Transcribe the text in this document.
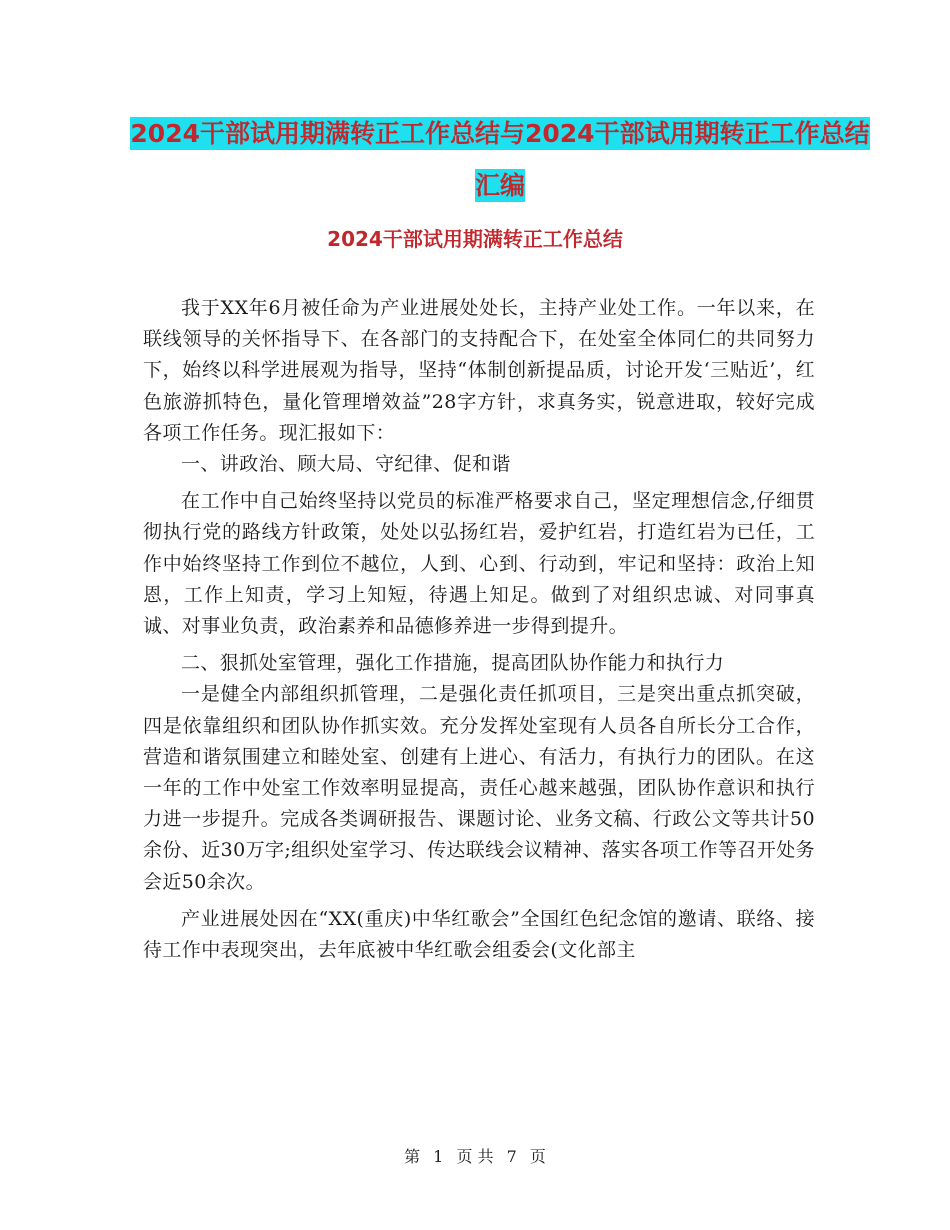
2024干部试用期满转正工作总结与2024干部试用期转正工作总结汇编
2024干部试用期满转正工作总结

我于XX年6月被任命为产业进展处处长，主持产业处工作。一年以来，在联线领导的关怀指导下、在各部门的支持配合下，在处室全体同仁的共同努力下，始终以科学进展观为指导，坚持“体制创新提品质，讨论开发‘三贴近’，红色旅游抓特色，量化管理增效益”28字方针，求真务实，锐意进取，较好完成各项工作任务。现汇报如下：

一、讲政治、顾大局、守纪律、促和谐

在工作中自己始终坚持以党员的标准严格要求自己，坚定理想信念,仔细贯彻执行党的路线方针政策，处处以弘扬红岩，爱护红岩，打造红岩为已任，工作中始终坚持工作到位不越位，人到、心到、行动到，牢记和坚持：政治上知恩，工作上知责，学习上知短，待遇上知足。做到了对组织忠诚、对同事真诚、对事业负责，政治素养和品德修养进一步得到提升。

二、狠抓处室管理，强化工作措施，提高团队协作能力和执行力

一是健全内部组织抓管理，二是强化责任抓项目，三是突出重点抓突破，四是依靠组织和团队协作抓实效。充分发挥处室现有人员各自所长分工合作，营造和谐氛围建立和睦处室、创建有上进心、有活力，有执行力的团队。在这一年的工作中处室工作效率明显提高，责任心越来越强，团队协作意识和执行力进一步提升。完成各类调研报告、课题讨论、业务文稿、行政公文等共计50余份、近30万字;组织处室学习、传达联线会议精神、落实各项工作等召开处务会近50余次。

产业进展处因在“XX(重庆)中华红歌会”全国红色纪念馆的邀请、联络、接待工作中表现突出，去年底被中华红歌会组委会(文化部主

第 1 页 共 7 页
